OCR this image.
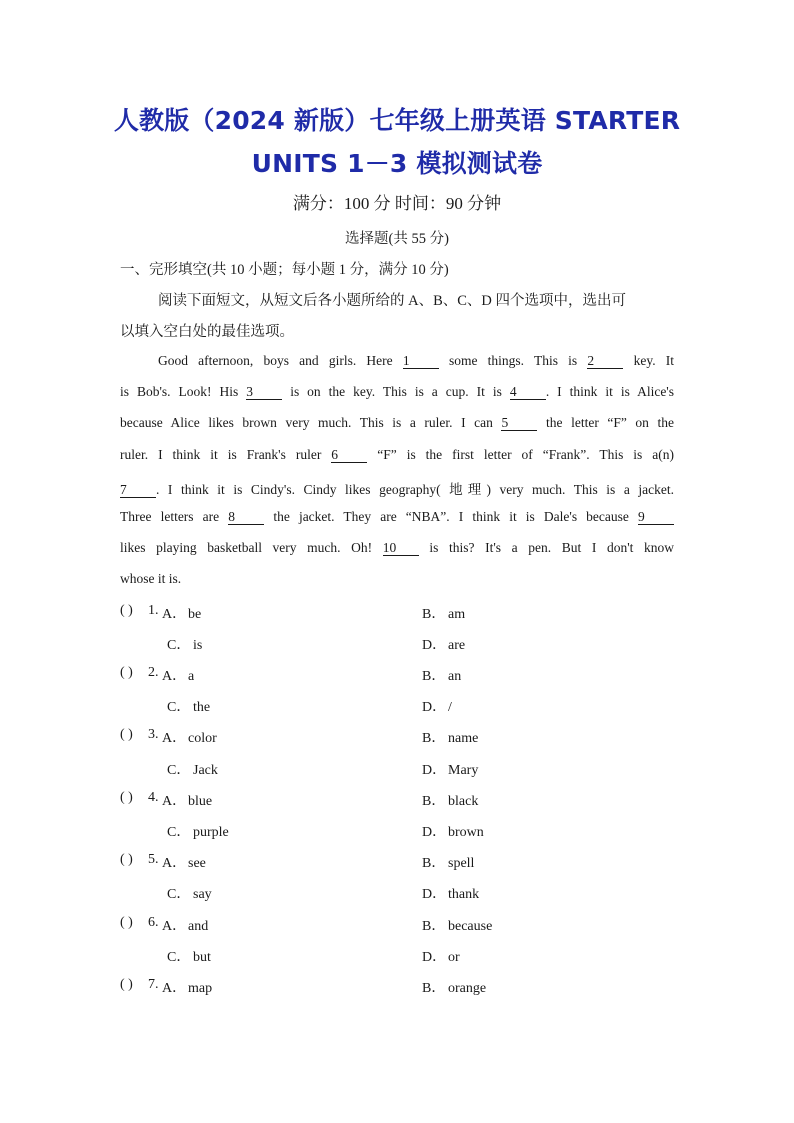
人教版（2024 新版）七年级上册英语 STARTER
UNITS 1－3 模拟测试卷
满分：100 分 时间：90 分钟
选择题(共 55 分)
一、完形填空(共 10 小题；每小题 1 分，满分 10 分)
阅读下面短文，从短文后各小题所给的 A、B、C、D 四个选项中，选出可
以填入空白处的最佳选项。
Good afternoon, boys and girls. Here 1 some things. This is 2 key. It
is Bob's. Look! His 3 is on the key. This is a cup. It is 4 . I think it is Alice's
because Alice likes brown very much. This is a ruler. I can 5 the letter “F” on the
ruler. I think it is Frank's ruler 6 “F” is the first letter of “Frank”. This is a(n)
7 . I think it is Cindy's. Cindy likes geography( 地理) very much. This is a jacket.
Three letters are 8 the jacket. They are “NBA”. I think it is Dale's because 9
likes playing basketball very much. Oh! 10 is this? It's a pen. But I don't know
whose it is.
( ) 1. A． be	B． am
C． is	D． are
( ) 2. A． a	B． an
C． the	D． /
( ) 3. A． color	B． name
C． Jack	D． Mary
( ) 4. A． blue	B． black
C． purple	D． brown
( ) 5. A． see	B． spell
C． say	D． thank
( ) 6. A． and	B． because
C． but	D． or
( ) 7. A． map	B． orange
